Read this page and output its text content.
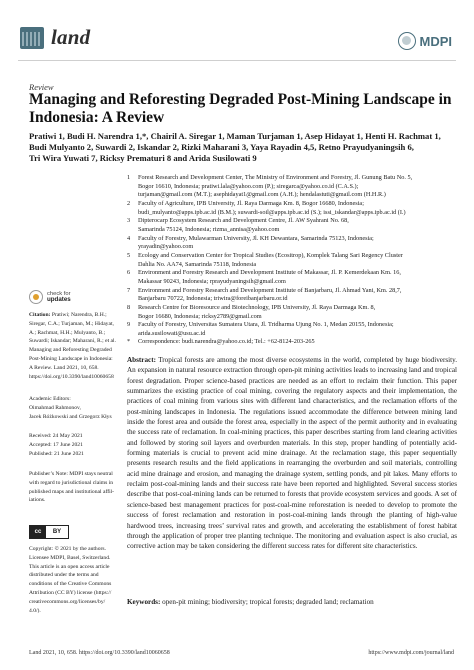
land	MDPI
Review
Managing and Reforesting Degraded Post-Mining Landscape in Indonesia: A Review
Pratiwi 1, Budi H. Narendra 1,*, Chairil A. Siregar 1, Maman Turjaman 1, Asep Hidayat 1, Henti H. Rachmat 1,
Budi Mulyanto 2, Suwardi 2, Iskandar 2, Rizki Maharani 3, Yaya Rayadin 4,5, Retno Prayudyaningsih 6,
Tri Wira Yuwati 7, Ricksy Prematuri 8 and Arida Susilowati 9
1	Forest Research and Development Center, The Ministry of Environment and Forestry, Jl. Gunung Batu No. 5,
Bogor 16610, Indonesia; pratiwi.lala@yahoo.com (P.); siregarca@yahoo.co.id (C.A.S.);
turjaman@gmail.com (M.T.); asephidayat1@gmail.com (A.H.); hendalastuti@gmail.com (H.H.R.)
2	Faculty of Agriculture, IPB University, Jl. Raya Darmaga Km. 8, Bogor 16680, Indonesia;
budi_mulyanto@apps.ipb.ac.id (B.M.); suwardi-soil@apps.ipb.ac.id (S.); issi_iskandar@apps.ipb.ac.id (I.)
3	Dipterocarp Ecosystem Research and Development Centre, Jl. AW Syahrani No. 68,
Samarinda 75124, Indonesia; rizma_annisa@yahoo.com
4	Faculty of Forestry, Mulawarman University, Jl. KH Dewantara, Samarinda 75123, Indonesia;
yrayadin@yahoo.com
5	Ecology and Conservation Center for Tropical Studies (Ecositrop), Komplek Talang Sari Regency Cluster
Dahlia No. AA74, Samarinda 75118, Indonesia
6	Environment and Forestry Research and Development Institute of Makassar, Jl. P. Kemerdekaan Km. 16,
Makassar 90243, Indonesia; rprayudyaningsih@gmail.com
7	Environment and Forestry Research and Development Institute of Banjarbaru, Jl. Ahmad Yani, Km. 28,7,
Banjarbaru 70722, Indonesia; triwira@foreibanjarbaru.or.id
8	Research Centre for Bioresource and Biotechnology, IPB University, Jl. Raya Darmaga Km. 8,
Bogor 16680, Indonesia; ricksy2789@gmail.com
9	Faculty of Forestry, Universitas Sumatera Utara, Jl. Tridharma Ujung No. 1, Medan 20155, Indonesia;
arida.susilowati@usu.ac.id
*	Correspondence: budi.narendra@yahoo.co.id; Tel.: +62-8124-203-265
check for
updates
Citation: Pratiwi; Narendra, B.H.;
Siregar, C.A.; Turjaman, M.; Hidayat,
A.; Rachmat, H.H.; Mulyanto, B.;
Suwardi; Iskandar; Maharani, R.; et al.
Managing and Reforesting Degraded
Post-Mining Landscape in Indonesia:
A Review. Land 2021, 10, 658.
https://doi.org/10.3390/land10060658
Academic Editors:
Oimahmad Rahmonov,
Jacek Różkowski and Grzegorz Kłys
Received: 24 May 2021
Accepted: 17 June 2021
Published: 21 June 2021
Publisher’s Note: MDPI stays neutral
with regard to jurisdictional claims in
published maps and institutional affil-
iations.
cc	BY
Copyright: © 2021 by the authors.
Licensee MDPI, Basel, Switzerland.
This article is an open access article
distributed under the terms and
conditions of the Creative Commons
Attribution (CC BY) license (https://
creativecommons.org/licenses/by/
4.0/).
Abstract: Tropical forests are among the most diverse ecosystems in the world, completed by huge biodiversity. An expansion in natural resource extraction through open-pit mining activities leads to increasing land and tropical forest degradation. Proper science-based practices are needed as an effort to reclaim their function. This paper summarizes the existing practice of coal mining, covering the regulatory aspects and their implementation, the practices of coal mining from various sites with different land characteristics, and the reclamation efforts of the post-mining landscapes in Indonesia. The regulations issued accommodate the difference between mining land inside the forest area and outside the forest area, especially in the aspect of the permit authority and in evaluating the success rate of reclamation. In coal-mining practices, this paper describes starting from land clearing activities and followed by storing soil layers and overburden materials. In this step, proper handling of potentially acid-forming materials is crucial to prevent acid mine drainage. At the reclamation stage, this paper sequentially presents research results and the field applications in rearranging the overburden and soil materials, controlling acid mine drainage and erosion, and managing the drainage system, settling ponds, and pit lakes. Many efforts to reclaim post-coal-mining lands and their success rate have been reported and highlighted. Several success stories describe that post-coal-mining lands can be returned to forests that provide ecosystem services and goods. A set of science-based best management practices for post-coal-mine reforestation is needed to develop to promote the success of forest reclamation and restoration in post-coal-mining lands through the planting of high-value hardwood trees, increasing trees’ survival rates and growth, and accelerating the establishment of forest habitat through the application of proper tree planting technique. The monitoring and evaluation aspect is also crucial, as corrective action may be taken considering the different success rates for different site characteristics.
Keywords: open-pit mining; biodiversity; tropical forests; degraded land; reclamation
Land 2021, 10, 658. https://doi.org/10.3390/land10060658	https://www.mdpi.com/journal/land
